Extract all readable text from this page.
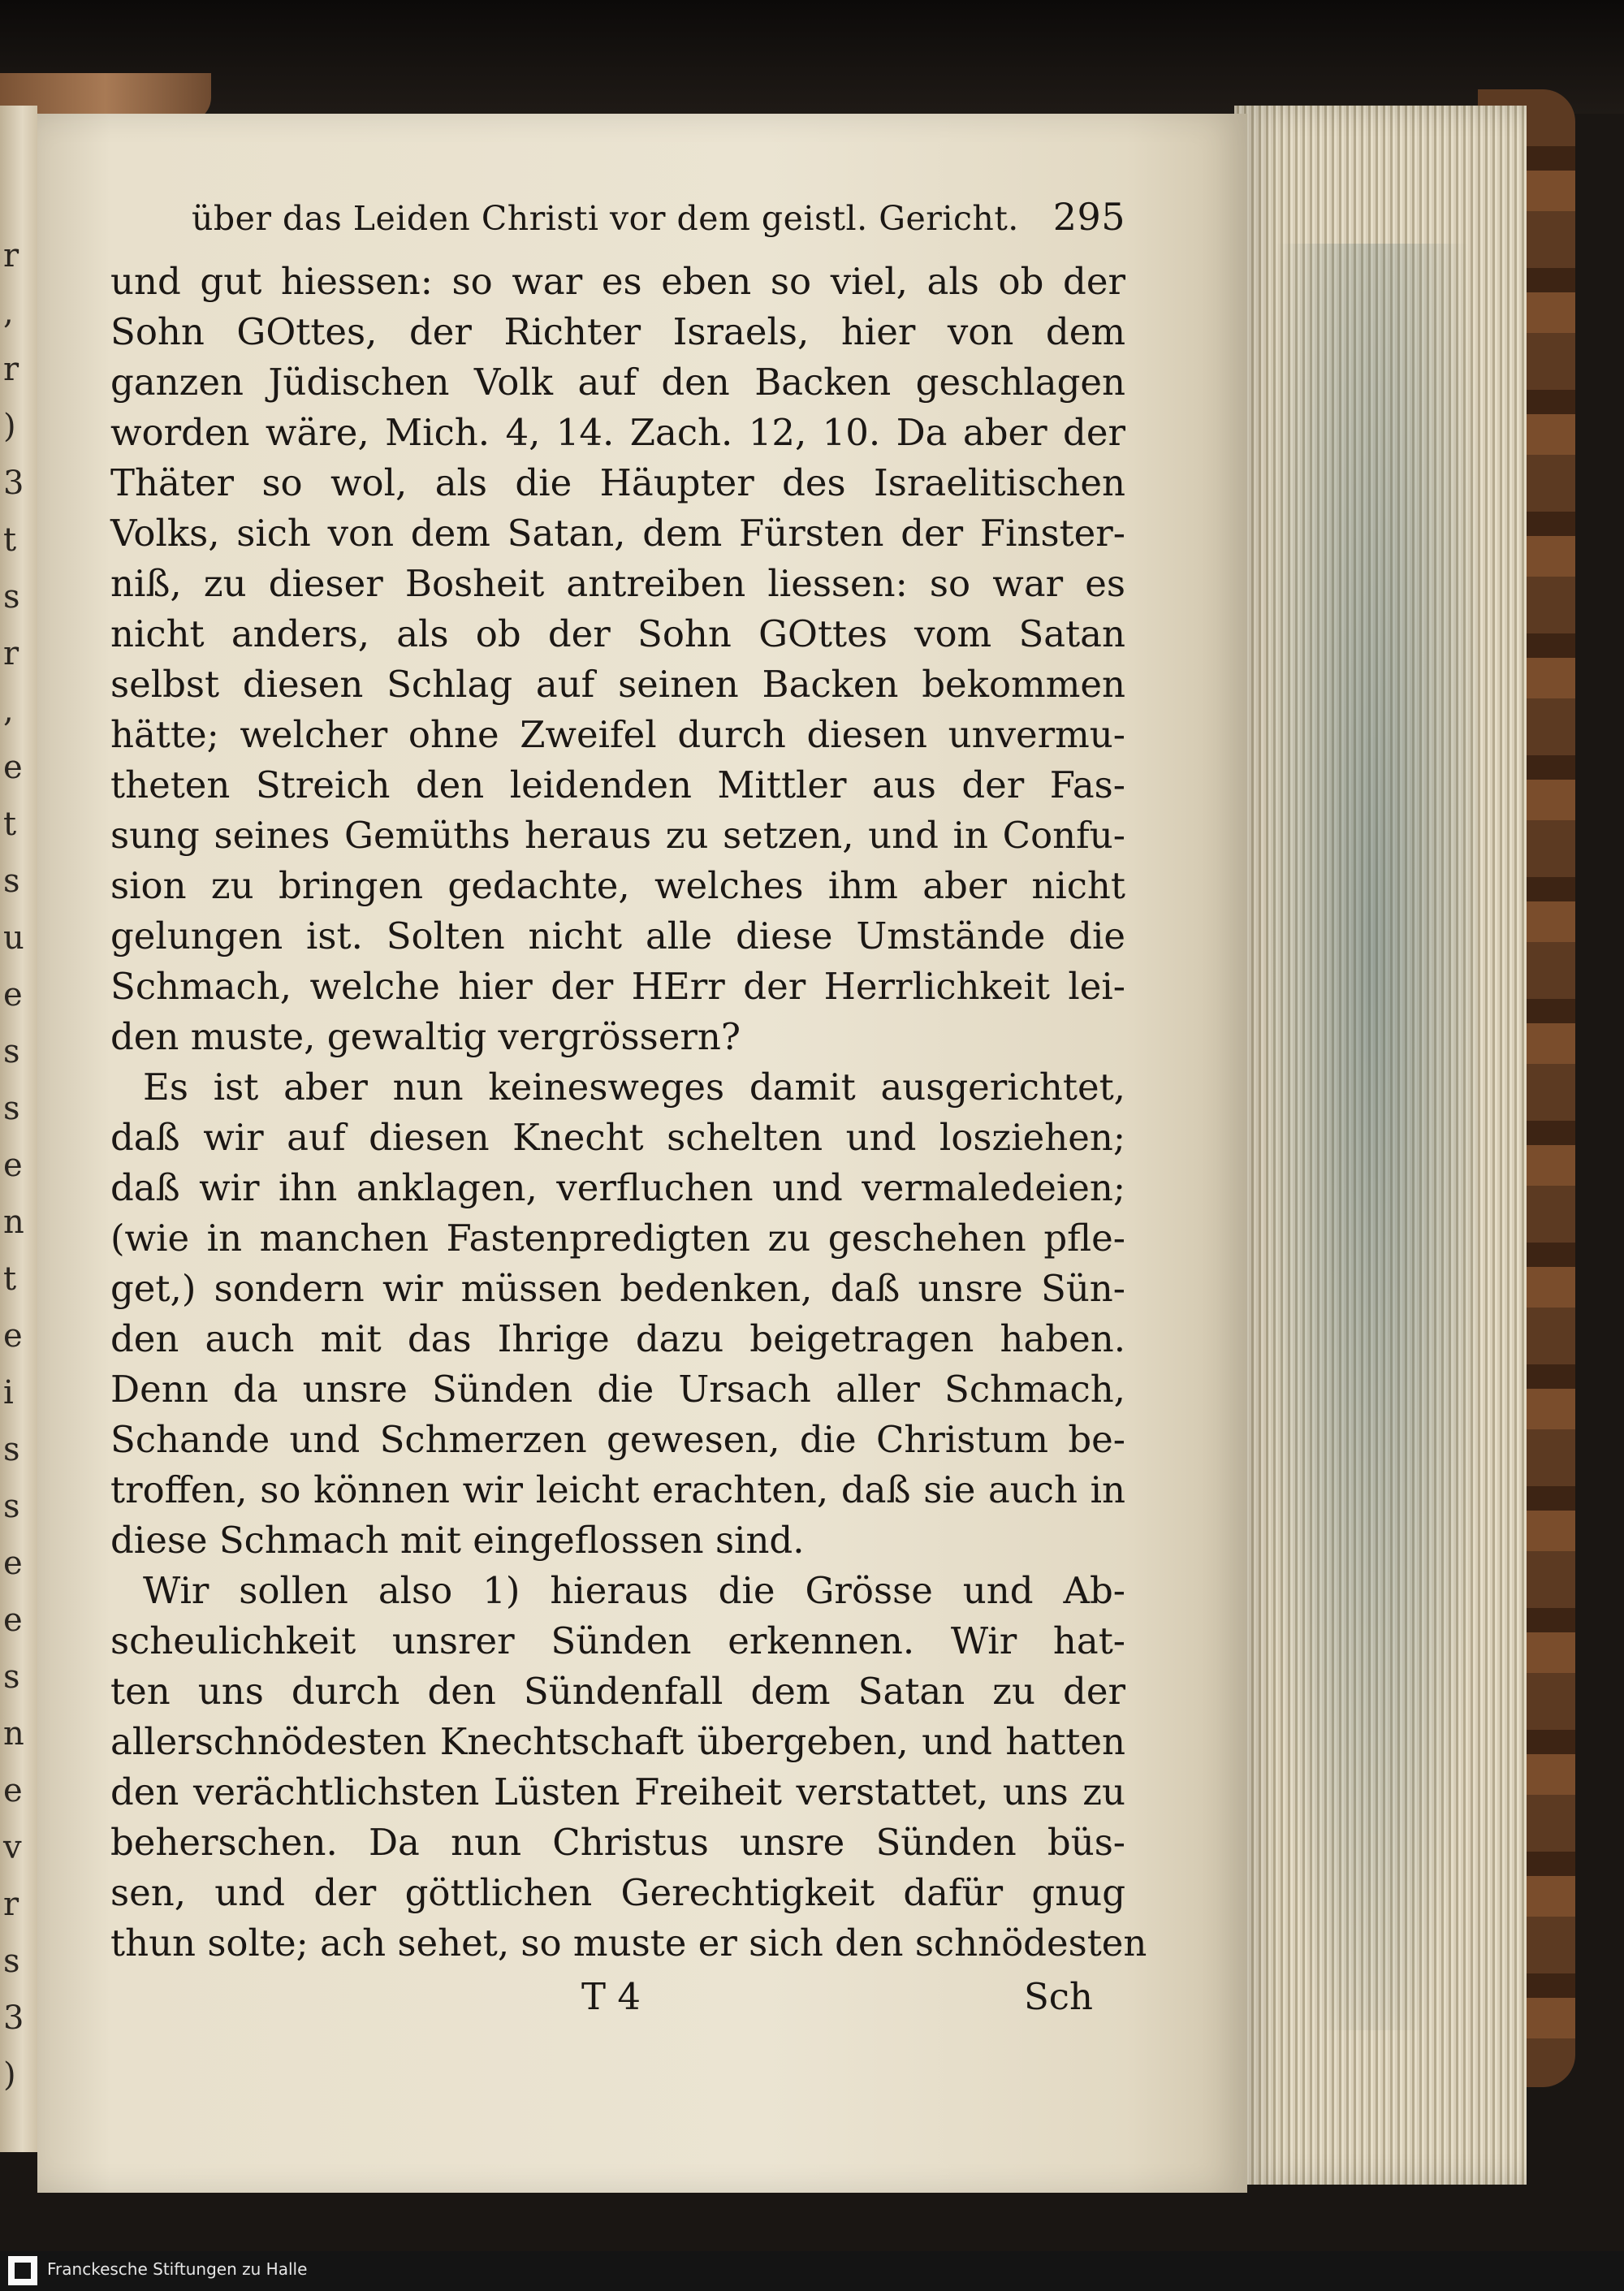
r
,
r
)
3
t
s
r
,
e
t
s
u
e
s
s
e
n
t
e
i
s
s
e
e
s
n
e
v
r
s
3
)
über das Leiden Christi vor dem geistl. Gericht. 295
und gut hiessen: so war es eben so viel, als ob der
Sohn GOttes, der Richter Israels, hier von dem
ganzen Jüdischen Volk auf den Backen geschlagen
worden wäre, Mich. 4, 14. Zach. 12, 10. Da aber der
Thäter so wol, als die Häupter des Israelitischen
Volks, sich von dem Satan, dem Fürsten der Finster-
niß, zu dieser Bosheit antreiben liessen: so war es
nicht anders, als ob der Sohn GOttes vom Satan
selbst diesen Schlag auf seinen Backen bekommen
hätte; welcher ohne Zweifel durch diesen unvermu-
theten Streich den leidenden Mittler aus der Fas-
sung seines Gemüths heraus zu setzen, und in Confu-
sion zu bringen gedachte, welches ihm aber nicht
gelungen ist. Solten nicht alle diese Umstände die
Schmach, welche hier der HErr der Herrlichkeit lei-
den muste, gewaltig vergrössern?
Es ist aber nun keinesweges damit ausgerichtet,
daß wir auf diesen Knecht schelten und losziehen;
daß wir ihn anklagen, verfluchen und vermaledeien;
(wie in manchen Fastenpredigten zu geschehen pfle-
get,) sondern wir müssen bedenken, daß unsre Sün-
den auch mit das Ihrige dazu beigetragen haben.
Denn da unsre Sünden die Ursach aller Schmach,
Schande und Schmerzen gewesen, die Christum be-
troffen, so können wir leicht erachten, daß sie auch in
diese Schmach mit eingeflossen sind.
Wir sollen also 1) hieraus die Grösse und Ab-
scheulichkeit unsrer Sünden erkennen. Wir hat-
ten uns durch den Sündenfall dem Satan zu der
allerschnödesten Knechtschaft übergeben, und hatten
den verächtlichsten Lüsten Freiheit verstattet, uns zu
beherschen. Da nun Christus unsre Sünden büs-
sen, und der göttlichen Gerechtigkeit dafür gnug
thun solte; ach sehet, so muste er sich den schnödesten
T 4	Sch
Franckesche Stiftungen zu Halle
